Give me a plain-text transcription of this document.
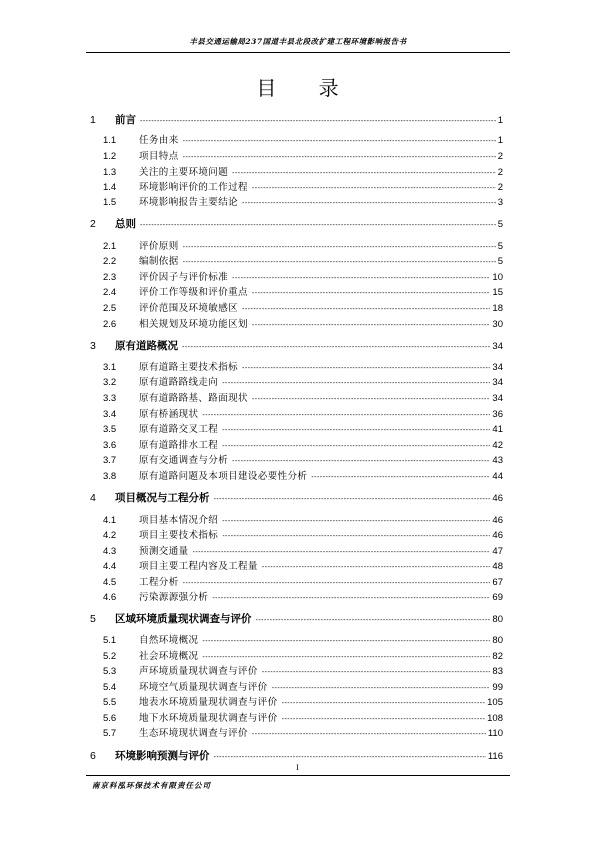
丰县交通运输局237国道丰县北段改扩建工程环境影响报告书
目 录
1	前言 -----	1
1.1	任务由来 -----	1
1.2	项目特点 -----	2
1.3	关注的主要环境问题 -----	2
1.4	环境影响评价的工作过程 -----	2
1.5	环境影响报告主要结论 -----	3
2	总则 -----	5
2.1	评价原则 -----	5
2.2	编制依据 -----	5
2.3	评价因子与评价标准 -----	10
2.4	评价工作等级和评价重点 -----	15
2.5	评价范围及环境敏感区 -----	18
2.6	相关规划及环境功能区划 -----	30
3	原有道路概况 -----	34
3.1	原有道路主要技术指标 -----	34
3.2	原有道路路线走向 -----	34
3.3	原有道路路基、路面现状 -----	34
3.4	原有桥涵现状 -----	36
3.5	原有道路交叉工程 -----	41
3.6	原有道路排水工程 -----	42
3.7	原有交通调查与分析 -----	43
3.8	原有道路问题及本项目建设必要性分析 -----	44
4	项目概况与工程分析 -----	46
4.1	项目基本情况介绍 -----	46
4.2	项目主要技术指标 -----	46
4.3	预测交通量 -----	47
4.4	项目主要工程内容及工程量 -----	48
4.5	工程分析 -----	67
4.6	污染源源强分析 -----	69
5	区域环境质量现状调查与评价 -----	80
5.1	自然环境概况 -----	80
5.2	社会环境概况 -----	82
5.3	声环境质量现状调查与评价 -----	83
5.4	环境空气质量现状调查与评价 -----	99
5.5	地表水环境质量现状调查与评价 -----	105
5.6	地下水环境质量现状调查与评价 -----	108
5.7	生态环境现状调查与评价 -----	110
6	环境影响预测与评价 -----	116
I
南京科泓环保技术有限责任公司
